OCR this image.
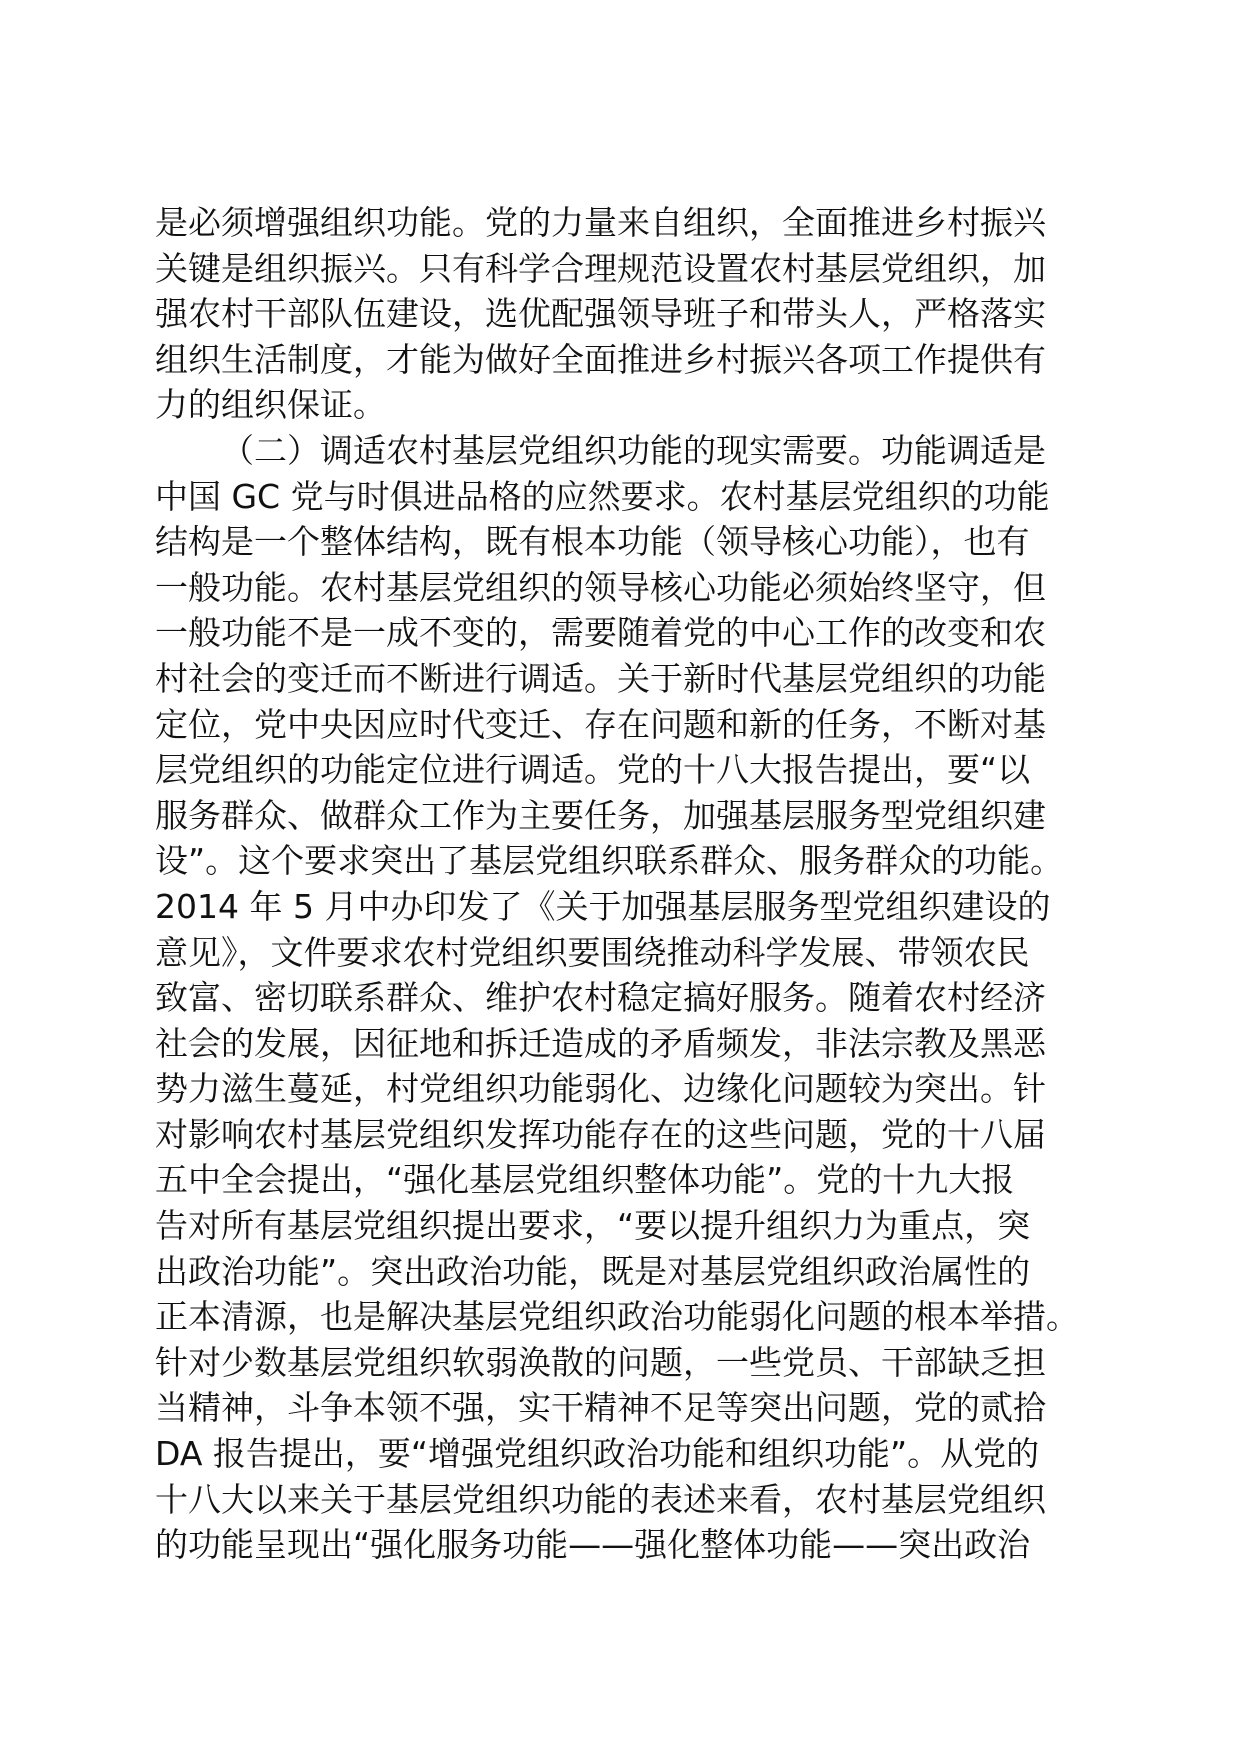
是必须增强组织功能。党的力量来自组织，全面推进乡村振兴
关键是组织振兴。只有科学合理规范设置农村基层党组织，加
强农村干部队伍建设，选优配强领导班子和带头人，严格落实
组织生活制度，才能为做好全面推进乡村振兴各项工作提供有
力的组织保证。
（二）调适农村基层党组织功能的现实需要。功能调适是
中国 GC 党与时俱进品格的应然要求。农村基层党组织的功能
结构是一个整体结构，既有根本功能（领导核心功能），也有
一般功能。农村基层党组织的领导核心功能必须始终坚守，但
一般功能不是一成不变的，需要随着党的中心工作的改变和农
村社会的变迁而不断进行调适。关于新时代基层党组织的功能
定位，党中央因应时代变迁、存在问题和新的任务，不断对基
层党组织的功能定位进行调适。党的十八大报告提出，要“以
服务群众、做群众工作为主要任务，加强基层服务型党组织建
设”。这个要求突出了基层党组织联系群众、服务群众的功能。
2014 年 5 月中办印发了《关于加强基层服务型党组织建设的
意见》，文件要求农村党组织要围绕推动科学发展、带领农民
致富、密切联系群众、维护农村稳定搞好服务。随着农村经济
社会的发展，因征地和拆迁造成的矛盾频发，非法宗教及黑恶
势力滋生蔓延，村党组织功能弱化、边缘化问题较为突出。针
对影响农村基层党组织发挥功能存在的这些问题，党的十八届
五中全会提出，“强化基层党组织整体功能”。党的十九大报
告对所有基层党组织提出要求，“要以提升组织力为重点，突
出政治功能”。突出政治功能，既是对基层党组织政治属性的
正本清源，也是解决基层党组织政治功能弱化问题的根本举措。
针对少数基层党组织软弱涣散的问题，一些党员、干部缺乏担
当精神，斗争本领不强，实干精神不足等突出问题，党的贰拾
DA 报告提出，要“增强党组织政治功能和组织功能”。从党的
十八大以来关于基层党组织功能的表述来看，农村基层党组织
的功能呈现出“强化服务功能——强化整体功能——突出政治
